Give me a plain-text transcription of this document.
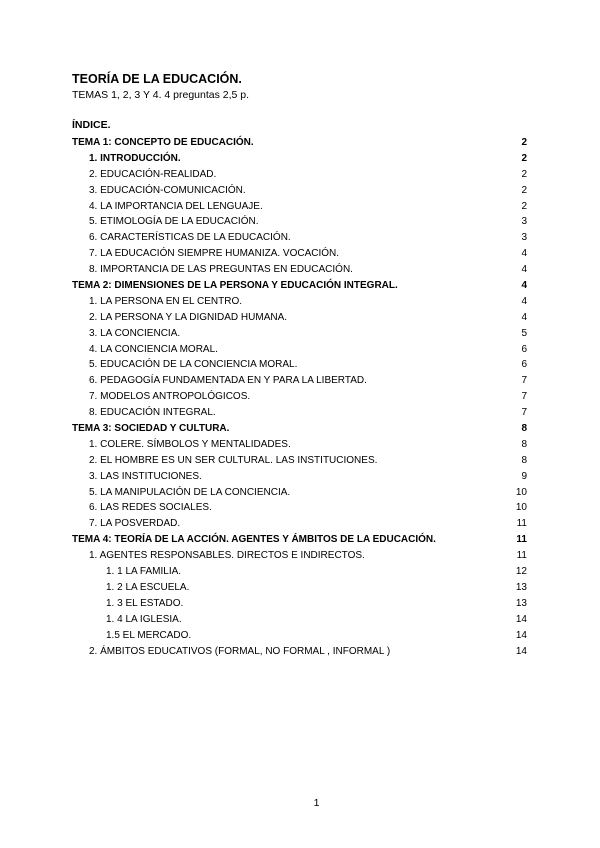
TEORÍA DE LA EDUCACIÓN.
TEMAS 1, 2, 3 Y 4. 4 preguntas 2,5 p.
ÍNDICE.
TEMA 1: CONCEPTO DE EDUCACIÓN.	2
1. INTRODUCCIÓN.	2
2. EDUCACIÓN-REALIDAD.	2
3. EDUCACIÓN-COMUNICACIÓN.	2
4. LA IMPORTANCIA DEL LENGUAJE.	2
5. ETIMOLOGÍA DE LA EDUCACIÓN.	3
6. CARACTERÍSTICAS DE LA EDUCACIÓN.	3
7. LA EDUCACIÓN SIEMPRE HUMANIZA. VOCACIÓN.	4
8. IMPORTANCIA DE LAS PREGUNTAS EN EDUCACIÓN.	4
TEMA 2: DIMENSIONES DE LA PERSONA Y EDUCACIÓN INTEGRAL.	4
1. LA PERSONA EN EL CENTRO.	4
2. LA PERSONA Y LA DIGNIDAD HUMANA.	4
3. LA CONCIENCIA.	5
4. LA CONCIENCIA MORAL.	6
5. EDUCACIÓN DE LA CONCIENCIA MORAL.	6
6. PEDAGOGÍA FUNDAMENTADA EN Y PARA LA LIBERTAD.	7
7. MODELOS ANTROPOLÓGICOS.	7
8. EDUCACIÓN INTEGRAL.	7
TEMA 3: SOCIEDAD Y CULTURA.	8
1. COLERE. SÍMBOLOS Y MENTALIDADES.	8
2. EL HOMBRE ES UN SER CULTURAL. LAS INSTITUCIONES.	8
3. LAS INSTITUCIONES.	9
5. LA MANIPULACIÓN DE LA CONCIENCIA.	10
6. LAS REDES SOCIALES.	10
7. LA POSVERDAD.	11
TEMA 4: TEORÍA DE LA ACCIÓN. AGENTES Y ÁMBITOS DE LA EDUCACIÓN.	11
1. AGENTES RESPONSABLES. DIRECTOS E INDIRECTOS.	11
1. 1 LA FAMILIA.	12
1. 2 LA ESCUELA.	13
1. 3 EL ESTADO.	13
1. 4 LA IGLESIA.	14
1.5 EL MERCADO.	14
2. ÁMBITOS EDUCATIVOS (FORMAL, NO FORMAL , INFORMAL )	14
1
